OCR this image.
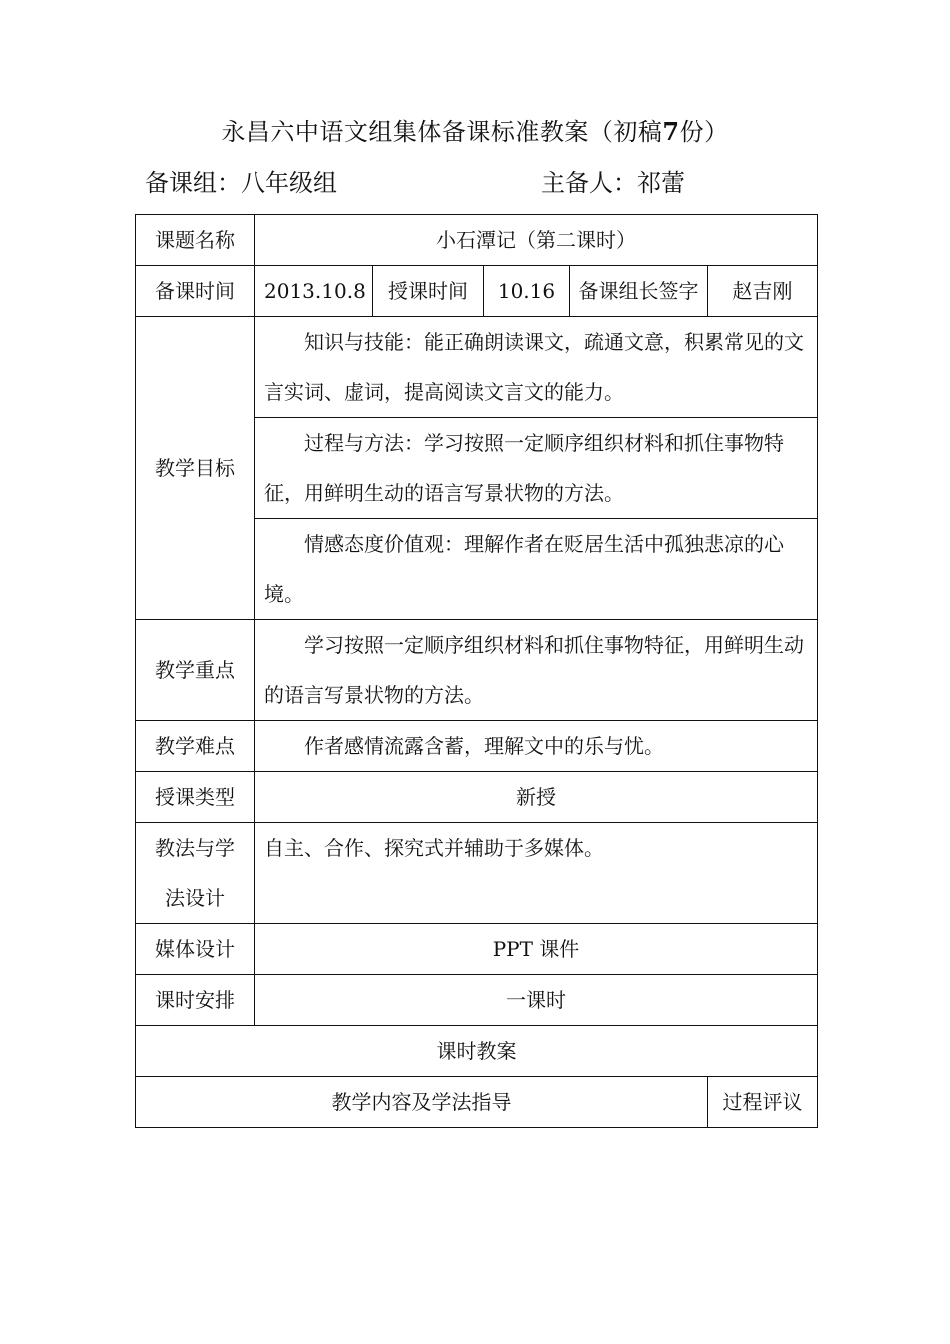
永昌六中语文组集体备课标准教案（初稿7份）
备课组：八年级组	主备人：祁蕾
课题名称	小石潭记（第二课时）				
备课时间	2013.10.8	授课时间	10.16	备课组长签字	赵吉刚
教学目标	知识与技能：能正确朗读课文，疏通文意，积累常见的文言实词、虚词，提高阅读文言文的能力。				
	过程与方法：学习按照一定顺序组织材料和抓住事物特征，用鲜明生动的语言写景状物的方法。				
	情感态度价值观：理解作者在贬居生活中孤独悲凉的心境。				
教学重点	学习按照一定顺序组织材料和抓住事物特征，用鲜明生动的语言写景状物的方法。				
教学难点	作者感情流露含蓄，理解文中的乐与忧。				
授课类型	新授				
教法与学法设计	自主、合作、探究式并辅助于多媒体。				
媒体设计	PPT 课件				
课时安排	一课时				
课时教案					
教学内容及学法指导					过程评议
